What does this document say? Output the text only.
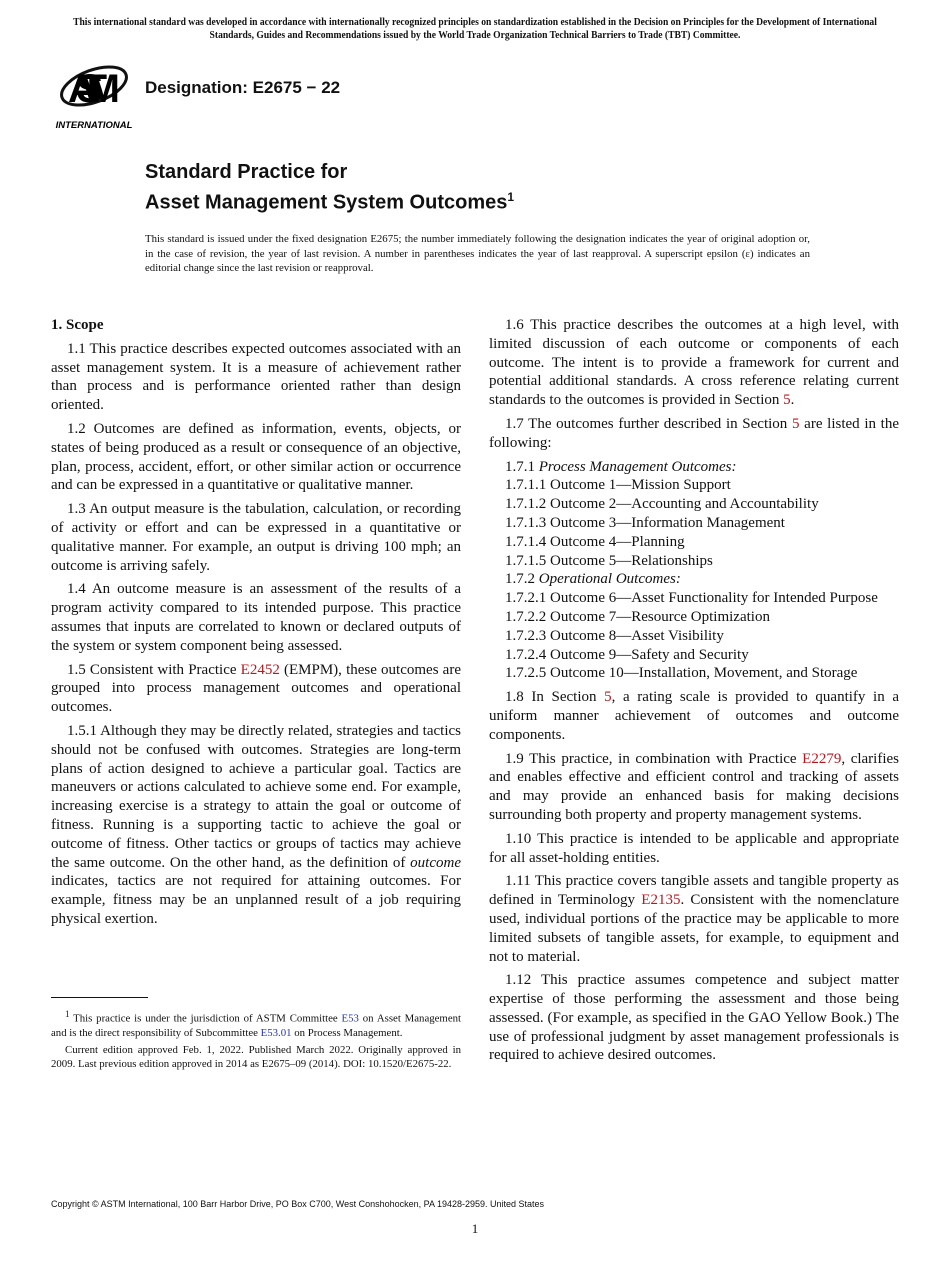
This international standard was developed in accordance with internationally recognized principles on standardization established in the Decision on Principles for the Development of International Standards, Guides and Recommendations issued by the World Trade Organization Technical Barriers to Trade (TBT) Committee.
ASTM
INTERNATIONAL
Designation: E2675 − 22
Standard Practice for
Asset Management System Outcomes$^1$
This standard is issued under the fixed designation E2675; the number immediately following the designation indicates the year of original adoption or, in the case of revision, the year of last revision. A number in parentheses indicates the year of last reapproval. A superscript epsilon (ε) indicates an editorial change since the last revision or reapproval.
1. Scope

1.1 This practice describes expected outcomes associated with an asset management system. It is a measure of achievement rather than process and is performance oriented rather than design oriented.

1.2 Outcomes are defined as information, events, objects, or states of being produced as a result or consequence of an objective, plan, process, accident, effort, or other similar action or occurrence and can be expressed in a quantitative or qualitative manner.

1.3 An output measure is the tabulation, calculation, or recording of activity or effort and can be expressed in a quantitative or qualitative manner. For example, an output is driving 100 mph; an outcome is arriving safely.

1.4 An outcome measure is an assessment of the results of a program activity compared to its intended purpose. This practice assumes that inputs are correlated to known or declared outputs of the system or system component being assessed.

1.5 Consistent with Practice E2452 (EMPM), these outcomes are grouped into process management outcomes and operational outcomes.

1.5.1 Although they may be directly related, strategies and tactics should not be confused with outcomes. Strategies are long-term plans of action designed to achieve a particular goal. Tactics are maneuvers or actions calculated to achieve some end. For example, increasing exercise is a strategy to attain the goal or outcome of fitness. Running is a supporting tactic to achieve the goal or outcome of fitness. Other tactics or groups of tactics may achieve the same outcome. On the other hand, as the definition of outcome indicates, tactics are not required for attaining outcomes. For example, fitness may be an unplanned result of a job requiring physical exertion.

1.6 This practice describes the outcomes at a high level, with limited discussion of each outcome or components of each outcome. The intent is to provide a framework for current and potential additional standards. A cross reference relating current standards to the outcomes is provided in Section 5.

1.7 The outcomes further described in Section 5 are listed in the following:

1.7.1 Process Management Outcomes:

1.7.1.1 Outcome 1—Mission Support

1.7.1.2 Outcome 2—Accounting and Accountability

1.7.1.3 Outcome 3—Information Management

1.7.1.4 Outcome 4—Planning

1.7.1.5 Outcome 5—Relationships

1.7.2 Operational Outcomes:

1.7.2.1 Outcome 6—Asset Functionality for Intended Purpose

1.7.2.2 Outcome 7—Resource Optimization

1.7.2.3 Outcome 8—Asset Visibility

1.7.2.4 Outcome 9—Safety and Security

1.7.2.5 Outcome 10—Installation, Movement, and Storage

1.8 In Section 5, a rating scale is provided to quantify in a uniform manner achievement of outcomes and outcome components.

1.9 This practice, in combination with Practice E2279, clarifies and enables effective and efficient control and tracking of assets and may provide an enhanced basis for making decisions surrounding both property and property management systems.

1.10 This practice is intended to be applicable and appropriate for all asset-holding entities.

1.11 This practice covers tangible assets and tangible property as defined in Terminology E2135. Consistent with the nomenclature used, individual portions of the practice may be applicable to more limited subsets of tangible assets, for example, to equipment and not to material.

1.12 This practice assumes competence and subject matter expertise of those performing the assessment and those being assessed. (For example, as specified in the GAO Yellow Book.) The use of professional judgment by asset management professionals is required to achieve desired outcomes.

$^1$ This practice is under the jurisdiction of ASTM Committee E53 on Asset Management and is the direct responsibility of Subcommittee E53.01 on Process Management.

Current edition approved Feb. 1, 2022. Published March 2022. Originally approved in 2009. Last previous edition approved in 2014 as E2675–09 (2014). DOI: 10.1520/E2675-22.

Copyright © ASTM International, 100 Barr Harbor Drive, PO Box C700, West Conshohocken, PA 19428-2959. United States
1
